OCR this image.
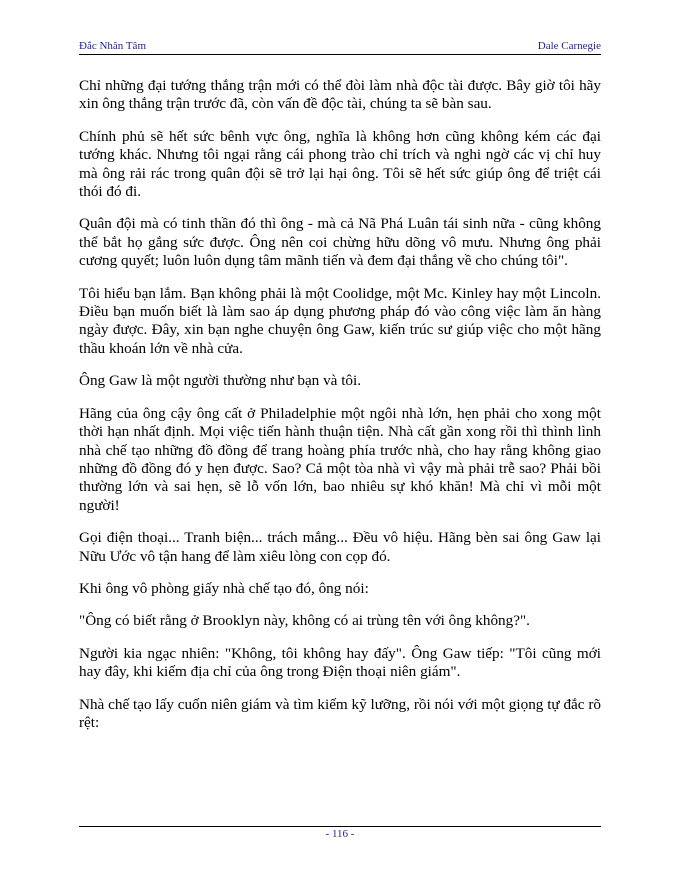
Đắc Nhân Tâm	Dale Carnegie

Chỉ những đại tướng thắng trận mới có thể đòi làm nhà độc tài được. Bây giờ tôi hãy xin ông thắng trận trước đã, còn vấn đề độc tài, chúng ta sẽ bàn sau.

Chính phủ sẽ hết sức bênh vực ông, nghĩa là không hơn cũng không kém các đại tướng khác. Nhưng tôi ngại rằng cái phong trào chỉ trích và nghi ngờ các vị chỉ huy mà ông rải rác trong quân đội sẽ trở lại hại ông. Tôi sẽ hết sức giúp ông để triệt cái thói đó đi.

Quân đội mà có tinh thần đó thì ông - mà cả Nã Phá Luân tái sinh nữa - cũng không thể bắt họ gắng sức được. Ông nên coi chừng hữu dõng vô mưu. Nhưng ông phải cương quyết; luôn luôn dụng tâm mãnh tiến và đem đại thắng về cho chúng tôi".

Tôi hiểu bạn lắm. Bạn không phải là một Coolidge, một Mc. Kinley hay một Lincoln. Điều bạn muốn biết là làm sao áp dụng phương pháp đó vào công việc làm ăn hàng ngày được. Đây, xin bạn nghe chuyện ông Gaw, kiến trúc sư giúp việc cho một hãng thầu khoán lớn về nhà cửa.

Ông Gaw là một người thường như bạn và tôi.

Hãng của ông cậy ông cất ở Philadelphie một ngôi nhà lớn, hẹn phải cho xong một thời hạn nhất định. Mọi việc tiến hành thuận tiện. Nhà cất gần xong rồi thì thình lình nhà chế tạo những đồ đồng để trang hoàng phía trước nhà, cho hay rằng không giao những đồ đồng đó y hẹn được. Sao? Cả một tòa nhà vì vậy mà phải trễ sao? Phải bồi thường lớn và sai hẹn, sẽ lỗ vốn lớn, bao nhiêu sự khó khăn! Mà chỉ vì mỗi một người!

Gọi điện thoại... Tranh biện... trách mắng... Đều vô hiệu. Hãng bèn sai ông Gaw lại Nữu Ước vô tận hang để làm xiêu lòng con cọp đó.

Khi ông vô phòng giấy nhà chế tạo đó, ông nói:

"Ông có biết rằng ở Brooklyn này, không có ai trùng tên với ông không?".

Người kia ngạc nhiên: "Không, tôi không hay đấy". Ông Gaw tiếp: "Tôi cũng mới hay đây, khi kiếm địa chỉ của ông trong Điện thoại niên giám".

Nhà chế tạo lấy cuốn niên giám và tìm kiếm kỹ lưỡng, rồi nói với một giọng tự đắc rõ rệt:

- 116 -
